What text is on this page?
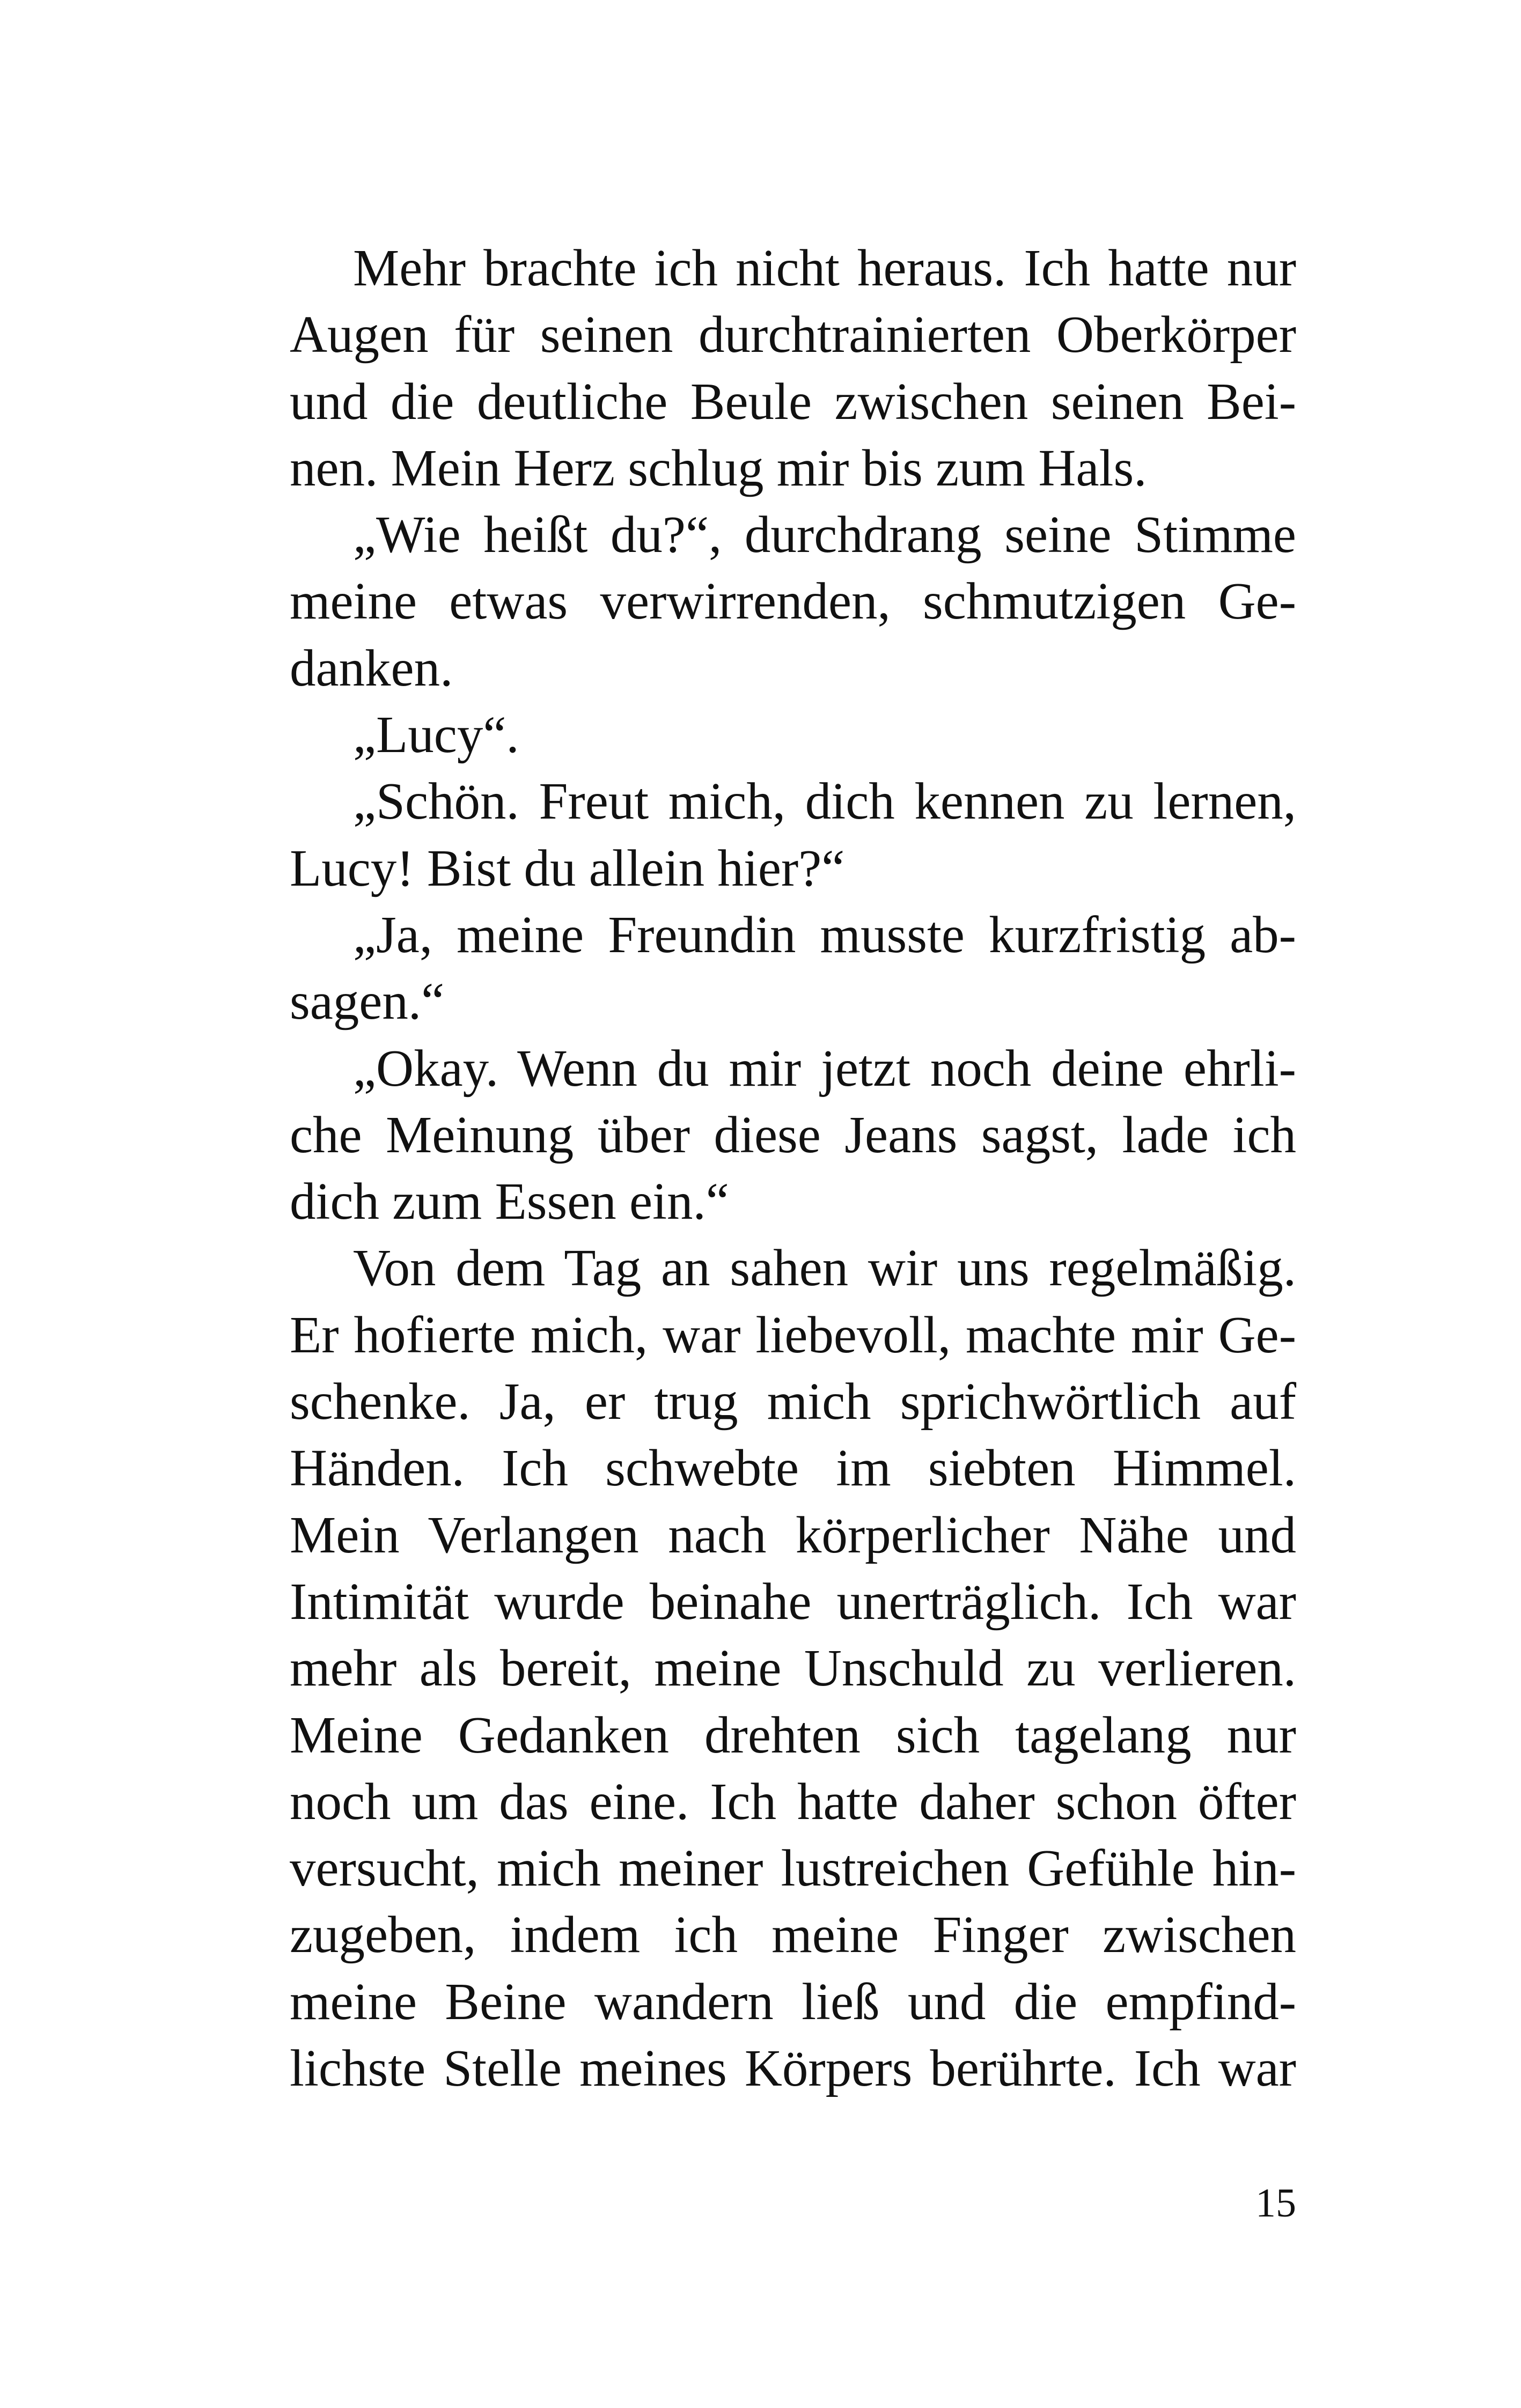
Mehr brachte ich nicht heraus. Ich hatte nur
Augen für seinen durchtrainierten Oberkörper
und die deutliche Beule zwischen seinen Bei-
nen. Mein Herz schlug mir bis zum Hals.
„Wie heißt du?“, durchdrang seine Stimme
meine etwas verwirrenden, schmutzigen Ge-
danken.
„Lucy“.
„Schön. Freut mich, dich kennen zu lernen,
Lucy! Bist du allein hier?“
„Ja, meine Freundin musste kurzfristig ab-
sagen.“
„Okay. Wenn du mir jetzt noch deine ehrli-
che Meinung über diese Jeans sagst, lade ich
dich zum Essen ein.“
Von dem Tag an sahen wir uns regelmäßig.
Er hofierte mich, war liebevoll, machte mir Ge-
schenke. Ja, er trug mich sprichwörtlich auf
Händen. Ich schwebte im siebten Himmel.
Mein Verlangen nach körperlicher Nähe und
Intimität wurde beinahe unerträglich. Ich war
mehr als bereit, meine Unschuld zu verlieren.
Meine Gedanken drehten sich tagelang nur
noch um das eine. Ich hatte daher schon öfter
versucht, mich meiner lustreichen Gefühle hin-
zugeben, indem ich meine Finger zwischen
meine Beine wandern ließ und die empfind-
lichste Stelle meines Körpers berührte. Ich war
15
